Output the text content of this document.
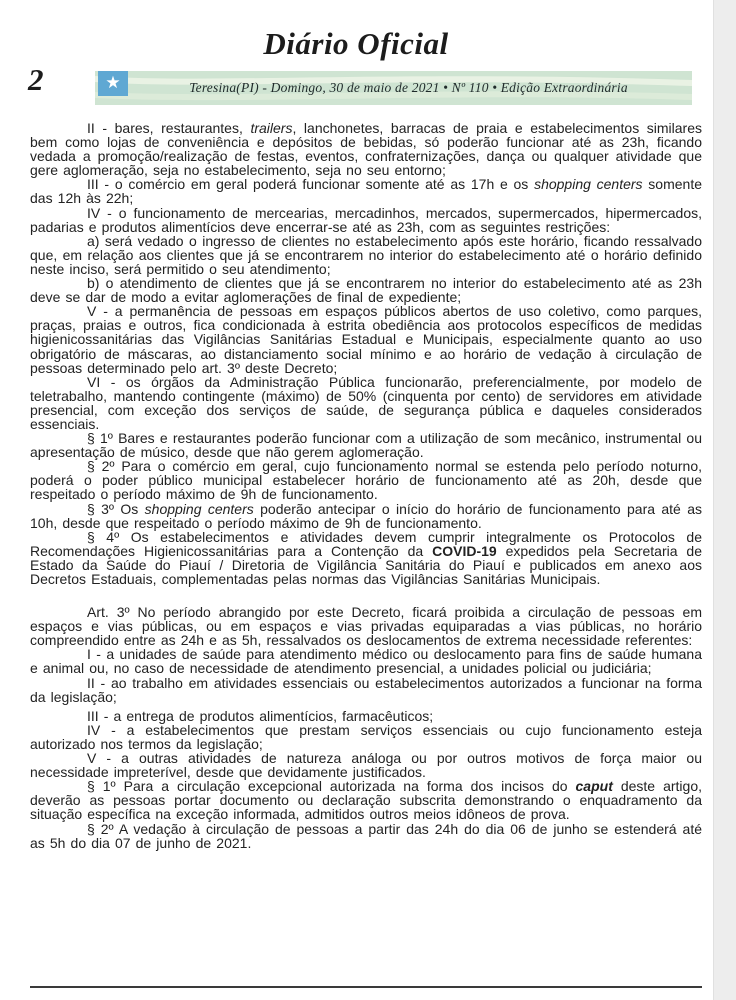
Diário Oficial
2	★	Teresina(PI) - Domingo, 30 de maio de 2021 • Nº 110 • Edição Extraordinária

II - bares, restaurantes, trailers, lanchonetes, barracas de praia e estabelecimentos similares bem como lojas de conveniência e depósitos de bebidas, só poderão funcionar até as 23h, ficando vedada a promoção/realização de festas, eventos, confraternizações, dança ou qualquer atividade que gere aglomeração, seja no estabelecimento, seja no seu entorno;

III - o comércio em geral poderá funcionar somente até as 17h e os shopping centers somente das 12h às 22h;

IV - o funcionamento de mercearias, mercadinhos, mercados, supermercados, hipermercados, padarias e produtos alimentícios deve encerrar-se até as 23h, com as seguintes restrições:

a) será vedado o ingresso de clientes no estabelecimento após este horário, ficando ressalvado que, em relação aos clientes que já se encontrarem no interior do estabelecimento até o horário definido neste inciso, será permitido o seu atendimento;

b) o atendimento de clientes que já se encontrarem no interior do estabelecimento até as 23h deve se dar de modo a evitar aglomerações de final de expediente;

V - a permanência de pessoas em espaços públicos abertos de uso coletivo, como parques, praças, praias e outros, fica condicionada à estrita obediência aos protocolos específicos de medidas higienicossanitárias das Vigilâncias Sanitárias Estadual e Municipais, especialmente quanto ao uso obrigatório de máscaras, ao distanciamento social mínimo e ao horário de vedação à circulação de pessoas determinado pelo art. 3º deste Decreto;

VI - os órgãos da Administração Pública funcionarão, preferencialmente, por modelo de teletrabalho, mantendo contingente (máximo) de 50% (cinquenta por cento) de servidores em atividade presencial, com exceção dos serviços de saúde, de segurança pública e daqueles considerados essenciais.

§ 1º Bares e restaurantes poderão funcionar com a utilização de som mecânico, instrumental ou apresentação de músico, desde que não gerem aglomeração.

§ 2º Para o comércio em geral, cujo funcionamento normal se estenda pelo período noturno, poderá o poder público municipal estabelecer horário de funcionamento até as 20h, desde que respeitado o período máximo de 9h de funcionamento.

§ 3º Os shopping centers poderão antecipar o início do horário de funcionamento para até as 10h, desde que respeitado o período máximo de 9h de funcionamento.

§ 4º Os estabelecimentos e atividades devem cumprir integralmente os Protocolos de Recomendações Higienicossanitárias para a Contenção da COVID-19 expedidos pela Secretaria de Estado da Saúde do Piauí / Diretoria de Vigilância Sanitária do Piauí e publicados em anexo aos Decretos Estaduais, complementadas pelas normas das Vigilâncias Sanitárias Municipais.

Art. 3º No período abrangido por este Decreto, ficará proibida a circulação de pessoas em espaços e vias públicas, ou em espaços e vias privadas equiparadas a vias públicas, no horário compreendido entre as 24h e as 5h, ressalvados os deslocamentos de extrema necessidade referentes:

I - a unidades de saúde para atendimento médico ou deslocamento para fins de saúde humana e animal ou, no caso de necessidade de atendimento presencial, a unidades policial ou judiciária;

II - ao trabalho em atividades essenciais ou estabelecimentos autorizados a funcionar na forma da legislação;

III - a entrega de produtos alimentícios, farmacêuticos;

IV - a estabelecimentos que prestam serviços essenciais ou cujo funcionamento esteja autorizado nos termos da legislação;

V - a outras atividades de natureza análoga ou por outros motivos de força maior ou necessidade impreterível, desde que devidamente justificados.

§ 1º Para a circulação excepcional autorizada na forma dos incisos do caput deste artigo, deverão as pessoas portar documento ou declaração subscrita demonstrando o enquadramento da situação específica na exceção informada, admitidos outros meios idôneos de prova.

§ 2º A vedação à circulação de pessoas a partir das 24h do dia 06 de junho se estenderá até as 5h do dia 07 de junho de 2021.
